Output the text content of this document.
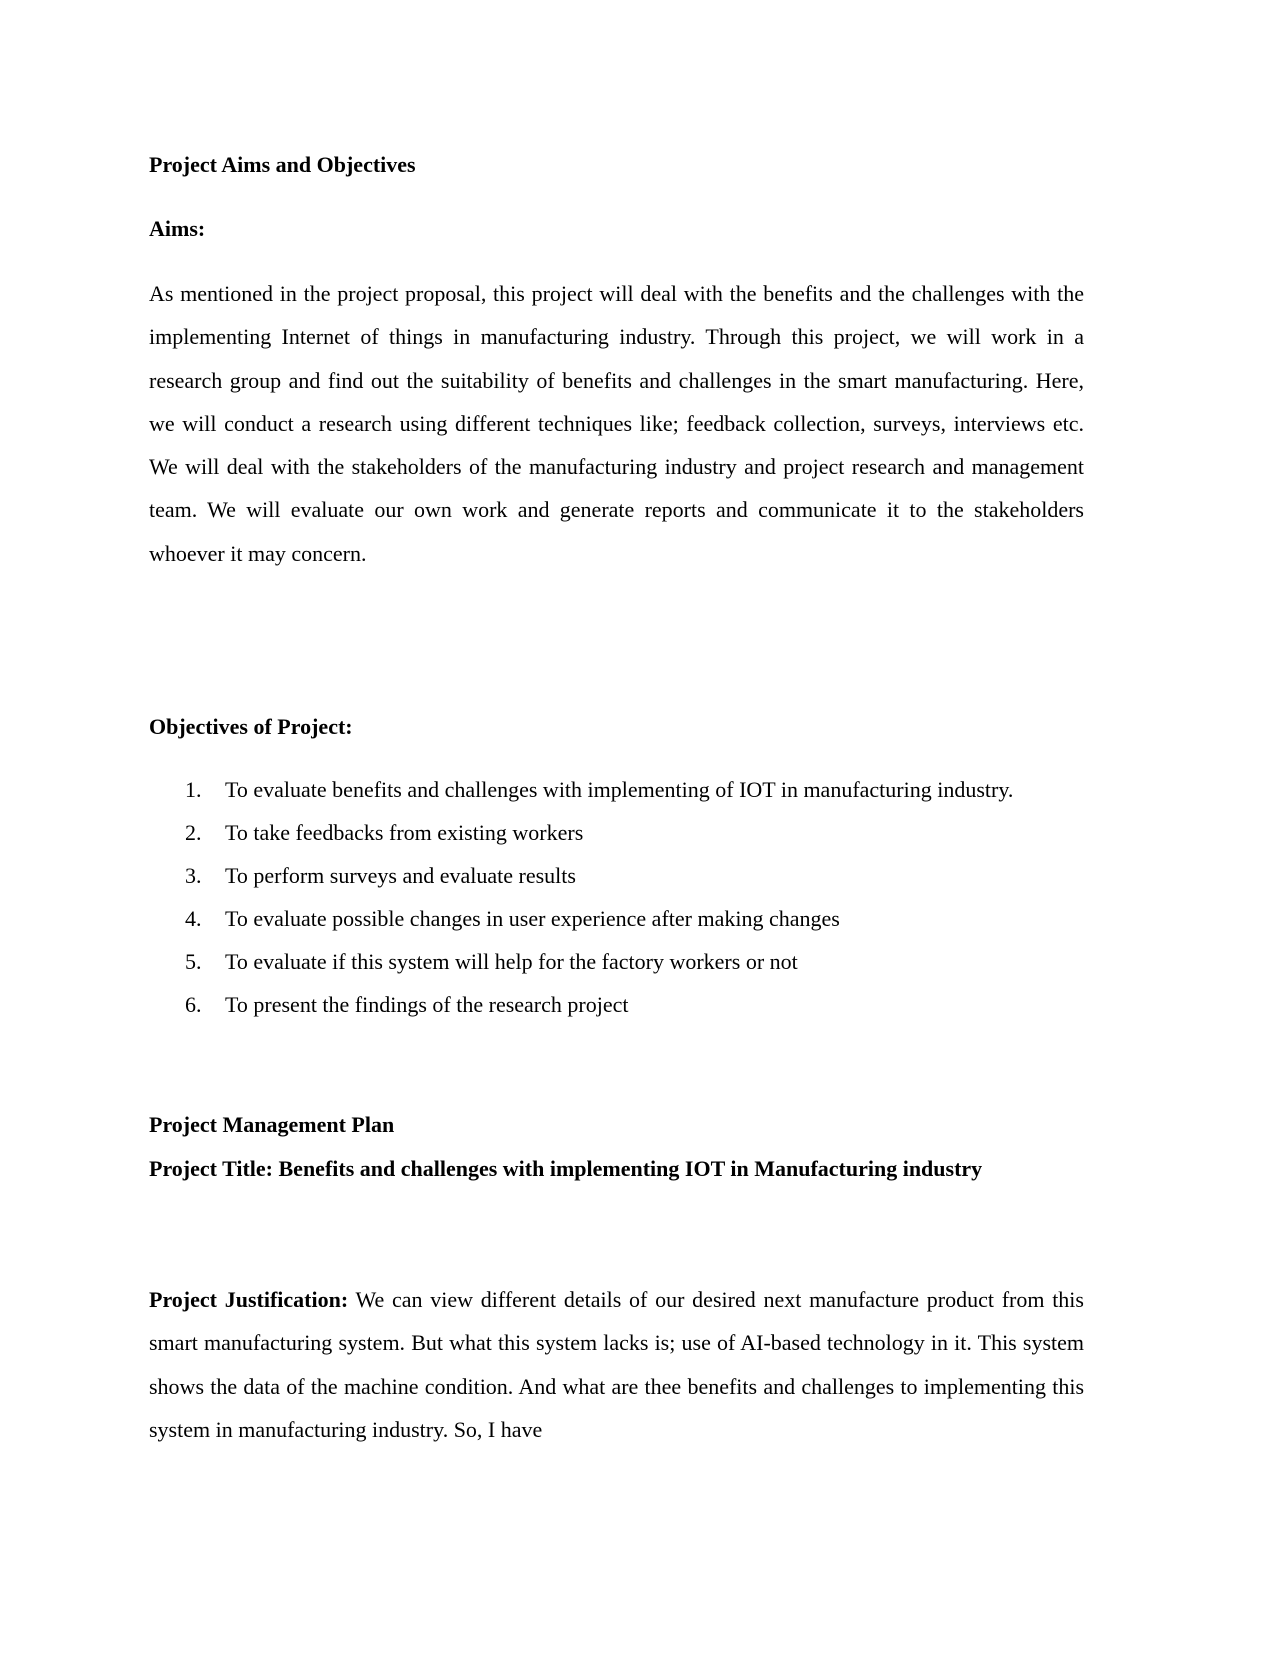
Project Aims and Objectives
Aims:

As mentioned in the project proposal, this project will deal with the benefits and the challenges with the implementing Internet of things in manufacturing industry. Through this project, we will work in a research group and find out the suitability of benefits and challenges in the smart manufacturing. Here, we will conduct a research using different techniques like; feedback collection, surveys, interviews etc. We will deal with the stakeholders of the manufacturing industry and project research and management team. We will evaluate our own work and generate reports and communicate it to the stakeholders whoever it may concern.

Objectives of Project:
1.	To evaluate benefits and challenges with implementing of IOT in manufacturing industry.
2.	To take feedbacks from existing workers
3.	To perform surveys and evaluate results
4.	To evaluate possible changes in user experience after making changes
5.	To evaluate if this system will help for the factory workers or not
6.	To present the findings of the research project
Project Management Plan
Project Title: Benefits and challenges with implementing IOT in Manufacturing industry

Project Justification: We can view different details of our desired next manufacture product from this smart manufacturing system. But what this system lacks is; use of AI-based technology in it. This system shows the data of the machine condition. And what are thee benefits and challenges to implementing this system in manufacturing industry. So, I have
